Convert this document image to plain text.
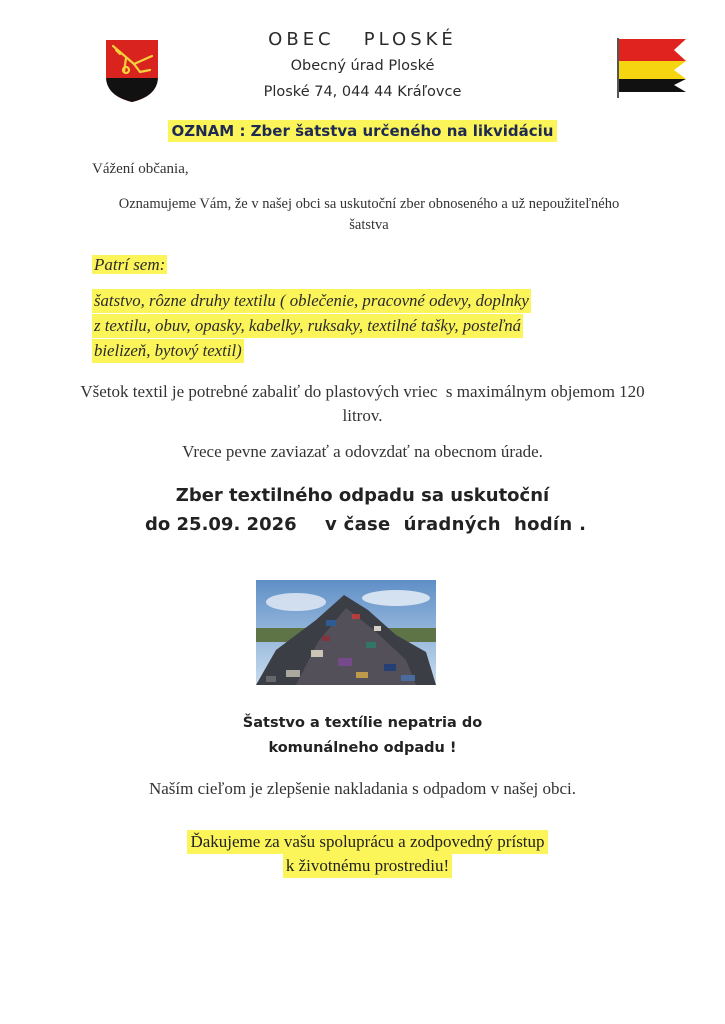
OBEC   PLOSKÉ
Obecný úrad Ploské
Ploské 74, 044 44 Kráľovce
OZNAM : Zber šatstva určeného na likvidáciu
Vážení občania,
Oznamujeme Vám, že v našej obci sa uskutoční zber obnoseného a už nepoužiteľného šatstva
Patrí sem:
šatstvo, rôzne druhy textilu ( oblečenie, pracovné odevy, doplnky
z textilu, obuv, opasky, kabelky, ruksaky, textilné tašky, posteľná
bielizeň, bytový textil)
Všetok textil je potrebné zabaliť do plastových vriec  s maximálnym objemom 120 litrov.
Vrece pevne zaviazať a odovzdať na obecnom úrade.
Zber textilného odpadu sa uskutoční
do 25.09. 2026 v čase  úradných  hodín .
Šatstvo a textílie nepatria do
komunálneho odpadu !
Naším cieľom je zlepšenie nakladania s odpadom v našej obci.
Ďakujeme za vašu spoluprácu a zodpovedný prístup
k životnému prostrediu!
